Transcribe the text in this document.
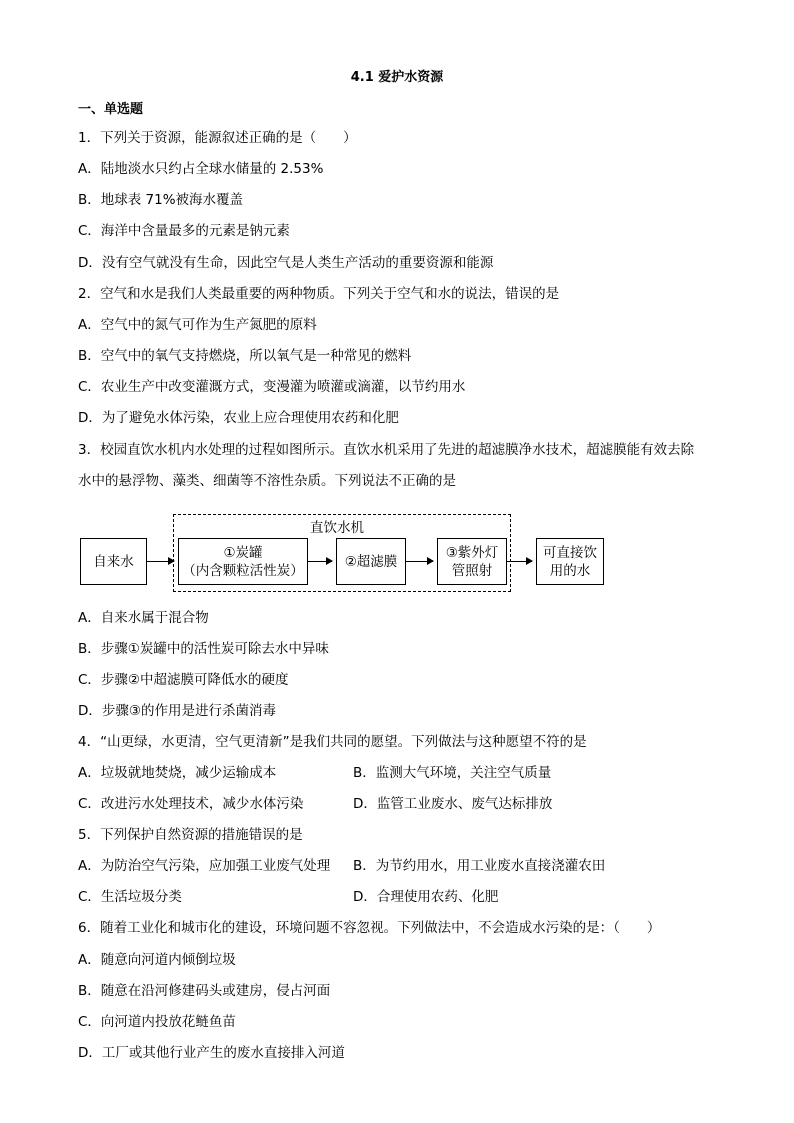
4.1 爱护水资源
一、单选题
1．下列关于资源，能源叙述正确的是（　　）
A．陆地淡水只约占全球水储量的 2.53%
B．地球表 71%被海水覆盖
C．海洋中含量最多的元素是钠元素
D．没有空气就没有生命，因此空气是人类生产活动的重要资源和能源
2．空气和水是我们人类最重要的两种物质。下列关于空气和水的说法，错误的是
A．空气中的氮气可作为生产氮肥的原料
B．空气中的氧气支持燃烧，所以氧气是一种常见的燃料
C．农业生产中改变灌溉方式，变漫灌为喷灌或滴灌，以节约用水
D．为了避免水体污染，农业上应合理使用农药和化肥
3．校园直饮水机内水处理的过程如图所示。直饮水机采用了先进的超滤膜净水技术，超滤膜能有效去除
水中的悬浮物、藻类、细菌等不溶性杂质。下列说法不正确的是
直饮水机
自来水
①炭罐
（内含颗粒活性炭）
②超滤膜
③紫外灯
管照射
可直接饮
用的水
A．自来水属于混合物
B．步骤①炭罐中的活性炭可除去水中异味
C．步骤②中超滤膜可降低水的硬度
D．步骤③的作用是进行杀菌消毒
4．“山更绿，水更清，空气更清新”是我们共同的愿望。下列做法与这种愿望不符的是
A．垃圾就地焚烧，减少运输成本	B．监测大气环境，关注空气质量
C．改进污水处理技术，减少水体污染	D．监管工业废水、废气达标排放
5．下列保护自然资源的措施错误的是
A．为防治空气污染，应加强工业废气处理 B．为节约用水，用工业废水直接浇灌农田
C．生活垃圾分类	D．合理使用农药、化肥
6．随着工业化和城市化的建设，环境问题不容忽视。下列做法中，不会造成水污染的是：（　　）
A．随意向河道内倾倒垃圾
B．随意在沿河修建码头或建房，侵占河面
C．向河道内投放花鲢鱼苗
D．工厂或其他行业产生的废水直接排入河道
